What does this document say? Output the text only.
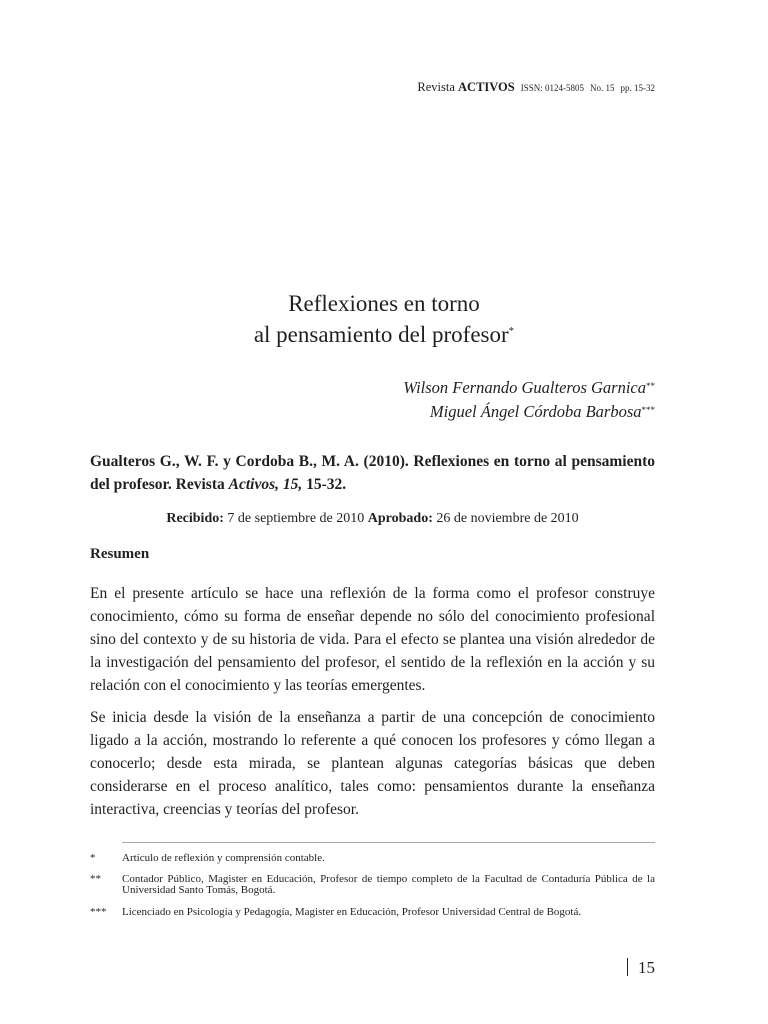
Revista ACTIVOS ISSN: 0124-5805 No. 15 pp. 15-32
Reflexiones en torno
al pensamiento del profesor*
Wilson Fernando Gualteros Garnica**
Miguel Ángel Córdoba Barbosa***
Gualteros G., W. F. y Cordoba B., M. A. (2010). Reflexiones en torno al pensamiento del profesor. Revista Activos, 15, 15-32.
Recibido: 7 de septiembre de 2010 Aprobado: 26 de noviembre de 2010
Resumen
En el presente artículo se hace una reflexión de la forma como el profesor construye conocimiento, cómo su forma de enseñar depende no sólo del conocimiento profesional sino del contexto y de su historia de vida. Para el efecto se plantea una visión alrededor de la investigación del pensamiento del profesor, el sentido de la reflexión en la acción y su relación con el conocimiento y las teorías emergentes.
Se inicia desde la visión de la enseñanza a partir de una concepción de conocimiento ligado a la acción, mostrando lo referente a qué conocen los profesores y cómo llegan a conocerlo; desde esta mirada, se plantean algunas categorías básicas que deben considerarse en el proceso analítico, tales como: pensamientos durante la enseñanza interactiva, creencias y teorías del profesor.
* Artículo de reflexión y comprensión contable.
** Contador Público, Magister en Educación, Profesor de tiempo completo de la Facultad de Contaduría Pública de la Universidad Santo Tomás, Bogotá.
*** Licenciado en Psicología y Pedagogía, Magister en Educación, Profesor Universidad Central de Bogotá.
15
